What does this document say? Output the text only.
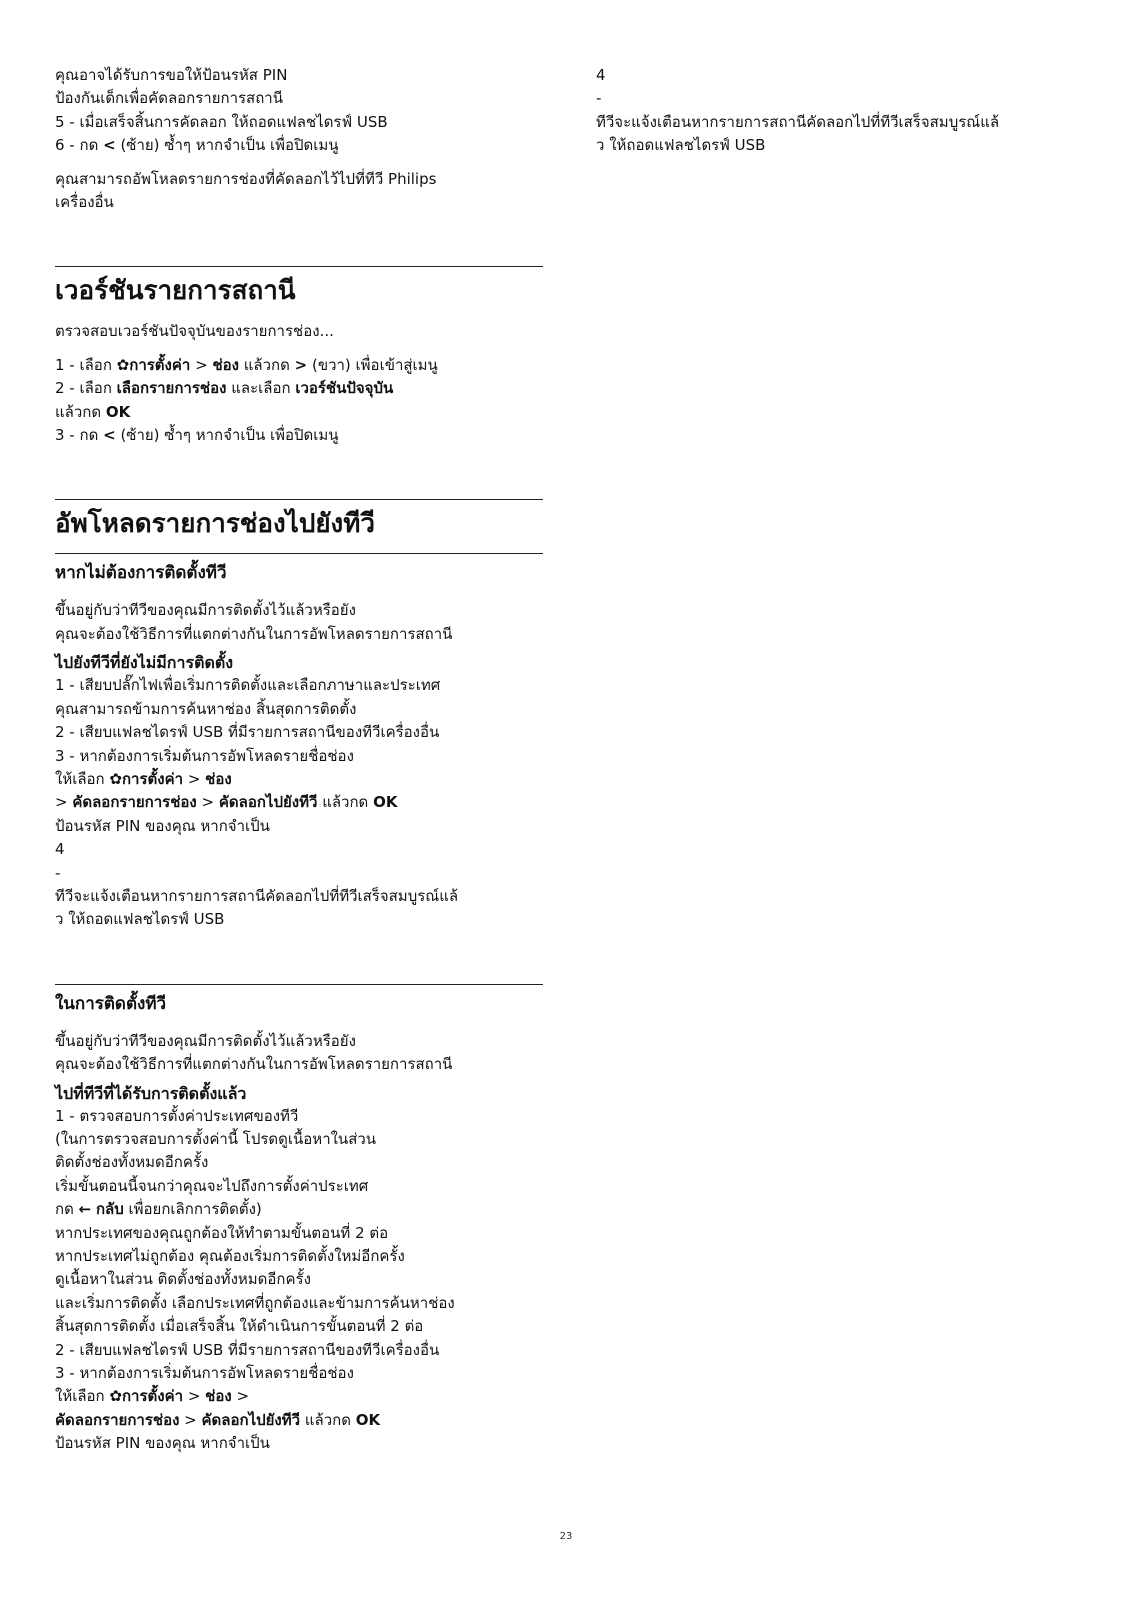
คุณอาจได้รับการขอให้ป้อนรหัส PIN
ป้องกันเด็กเพื่อคัดลอกรายการสถานี
5 - เมื่อเสร็จสิ้นการคัดลอก ให้ถอดแฟลชไดรฟ์ USB
6 - กด < (ซ้าย) ซ้ำๆ หากจำเป็น เพื่อปิดเมนู
คุณสามารถอัพโหลดรายการช่องที่คัดลอกไว้ไปที่ทีวี Philips
เครื่องอื่น
เวอร์ชันรายการสถานี
ตรวจสอบเวอร์ชันปัจจุบันของรายการช่อง...
1 - เลือก ✿การตั้งค่า > ช่อง แล้วกด > (ขวา) เพื่อเข้าสู่เมนู
2 - เลือก เลือกรายการช่อง และเลือก เวอร์ชันปัจจุบัน
แล้วกด OK
3 - กด < (ซ้าย) ซ้ำๆ หากจำเป็น เพื่อปิดเมนู
อัพโหลดรายการช่องไปยังทีวี
หากไม่ต้องการติดตั้งทีวี
ขึ้นอยู่กับว่าทีวีของคุณมีการติดตั้งไว้แล้วหรือยัง
คุณจะต้องใช้วิธีการที่แตกต่างกันในการอัพโหลดรายการสถานี
ไปยังทีวีที่ยังไม่มีการติดตั้ง
1 - เสียบปลั๊กไฟเพื่อเริ่มการติดตั้งและเลือกภาษาและประเทศ
คุณสามารถข้ามการค้นหาช่อง สิ้นสุดการติดตั้ง
2 - เสียบแฟลชไดรฟ์ USB ที่มีรายการสถานีของทีวีเครื่องอื่น
3 - หากต้องการเริ่มต้นการอัพโหลดรายชื่อช่อง
ให้เลือก ✿การตั้งค่า > ช่อง
> คัดลอกรายการช่อง > คัดลอกไปยังทีวี แล้วกด OK
ป้อนรหัส PIN ของคุณ หากจำเป็น
4
-
ทีวีจะแจ้งเตือนหากรายการสถานีคัดลอกไปที่ทีวีเสร็จสมบูรณ์แล้
ว ให้ถอดแฟลชไดรฟ์ USB
ในการติดตั้งทีวี
ขึ้นอยู่กับว่าทีวีของคุณมีการติดตั้งไว้แล้วหรือยัง
คุณจะต้องใช้วิธีการที่แตกต่างกันในการอัพโหลดรายการสถานี
ไปที่ทีวีที่ได้รับการติดตั้งแล้ว
1 - ตรวจสอบการตั้งค่าประเทศของทีวี
(ในการตรวจสอบการตั้งค่านี้ โปรดดูเนื้อหาในส่วน
ติดตั้งช่องทั้งหมดอีกครั้ง
เริ่มขั้นตอนนี้จนกว่าคุณจะไปถึงการตั้งค่าประเทศ
กด ← กลับ เพื่อยกเลิกการติดตั้ง)
หากประเทศของคุณถูกต้องให้ทำตามขั้นตอนที่ 2 ต่อ
หากประเทศไม่ถูกต้อง คุณต้องเริ่มการติดตั้งใหม่อีกครั้ง
ดูเนื้อหาในส่วน ติดตั้งช่องทั้งหมดอีกครั้ง
และเริ่มการติดตั้ง เลือกประเทศที่ถูกต้องและข้ามการค้นหาช่อง
สิ้นสุดการติดตั้ง เมื่อเสร็จสิ้น ให้ดำเนินการขั้นตอนที่ 2 ต่อ
2 - เสียบแฟลชไดรฟ์ USB ที่มีรายการสถานีของทีวีเครื่องอื่น
3 - หากต้องการเริ่มต้นการอัพโหลดรายชื่อช่อง
ให้เลือก ✿การตั้งค่า > ช่อง >
คัดลอกรายการช่อง > คัดลอกไปยังทีวี แล้วกด OK
ป้อนรหัส PIN ของคุณ หากจำเป็น
4
-
ทีวีจะแจ้งเตือนหากรายการสถานีคัดลอกไปที่ทีวีเสร็จสมบูรณ์แล้
ว ให้ถอดแฟลชไดรฟ์ USB
23
